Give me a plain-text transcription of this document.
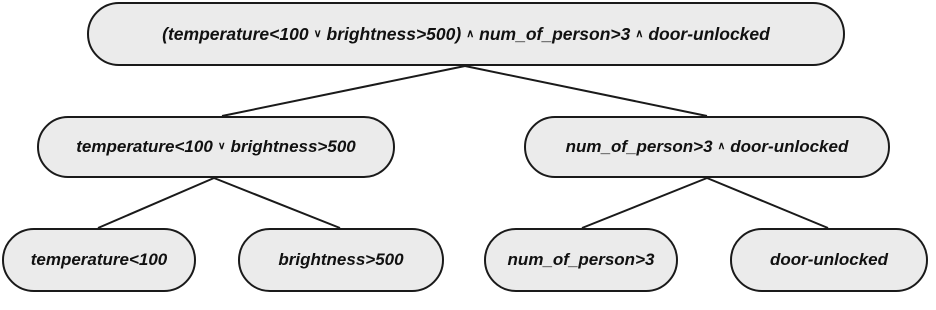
(temperature<100 ∨ brightness>500) ∧ num_of_person>3 ∧ door-unlocked
temperature<100 ∨ brightness>500	num_of_person>3 ∧ door-unlocked
temperature<100	brightness>500	num_of_person>3	door-unlocked
